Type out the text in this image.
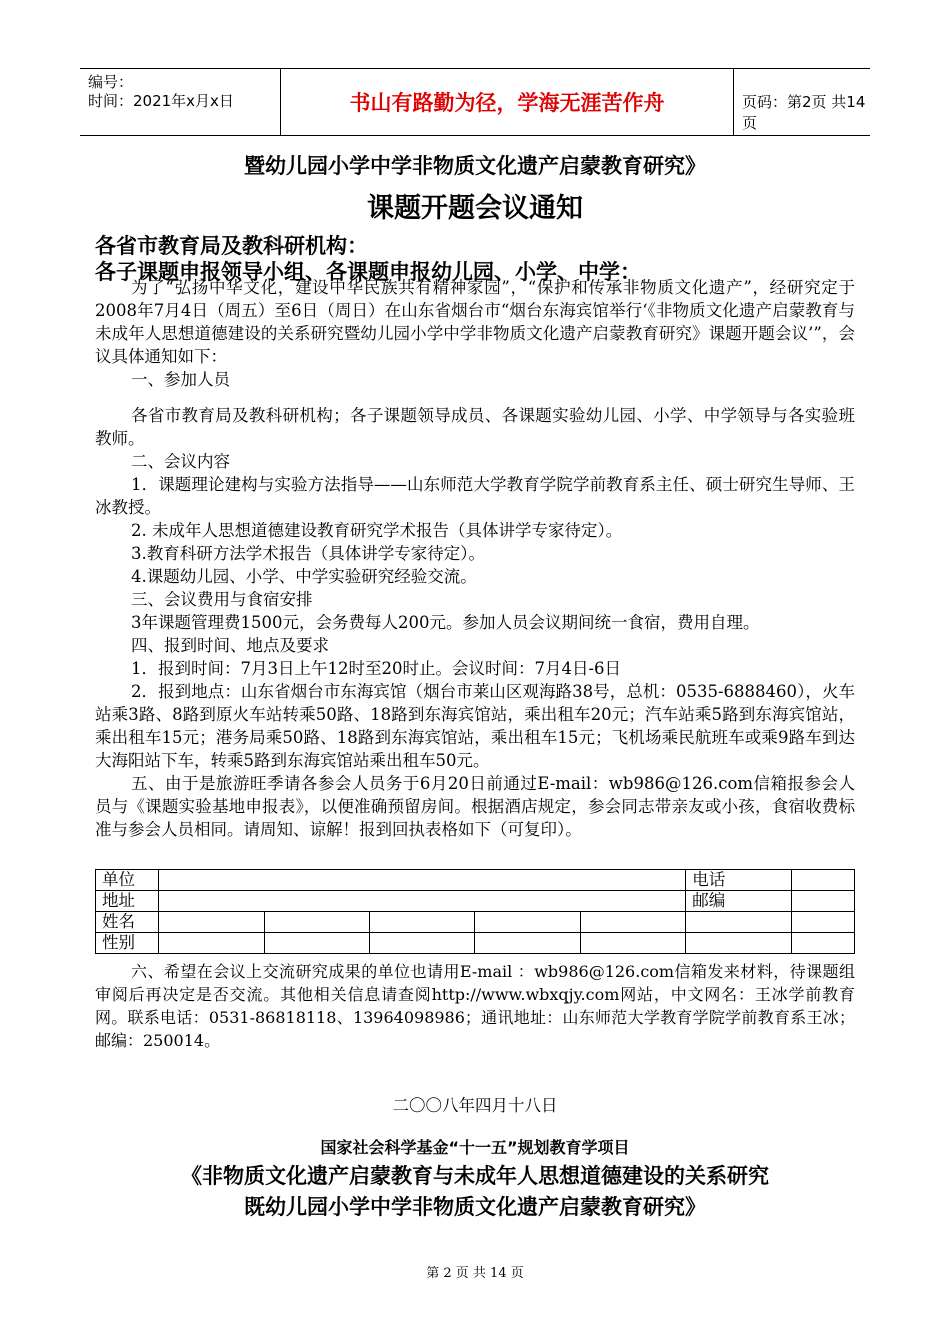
编号：
时间：2021年x月x日	书山有路勤为径，学海无涯苦作舟	页码：第2页 共14页
暨幼儿园小学中学非物质文化遗产启蒙教育研究》
课题开题会议通知
各省市教育局及教科研机构：
各子课题申报领导小组、各课题申报幼儿园、小学、中学：

为了“弘扬中华文化，建设中华民族共有精神家园”，“保护和传承非物质文化遗产”，经研究定于2008年7月4日（周五）至6日（周日）在山东省烟台市“烟台东海宾馆举行‘《非物质文化遗产启蒙教育与未成年人思想道德建设的关系研究暨幼儿园小学中学非物质文化遗产启蒙教育研究》课题开题会议’”，会议具体通知如下：

一、参加人员

各省市教育局及教科研机构；各子课题领导成员、各课题实验幼儿园、小学、中学领导与各实验班教师。

二、会议内容

1．课题理论建构与实验方法指导——山东师范大学教育学院学前教育系主任、硕士研究生导师、王冰教授。

2. 未成年人思想道德建设教育研究学术报告（具体讲学专家待定）。

3.教育科研方法学术报告（具体讲学专家待定）。

4.课题幼儿园、小学、中学实验研究经验交流。

三、会议费用与食宿安排

3年课题管理费1500元，会务费每人200元。参加人员会议期间统一食宿，费用自理。

四、报到时间、地点及要求

1．报到时间：7月3日上午12时至20时止。会议时间：7月4日-6日

2．报到地点：山东省烟台市东海宾馆（烟台市莱山区观海路38号，总机：0535-6888460），火车站乘3路、8路到原火车站转乘50路、18路到东海宾馆站，乘出租车20元；汽车站乘5路到东海宾馆站，乘出租车15元；港务局乘50路、18路到东海宾馆站，乘出租车15元；飞机场乘民航班车或乘9路车到达大海阳站下车，转乘5路到东海宾馆站乘出租车50元。

五、由于是旅游旺季请各参会人员务于6月20日前通过E-mail：wb986@126.com信箱报参会人员与《课题实验基地申报表》，以便准确预留房间。根据酒店规定，参会同志带亲友或小孩，食宿收费标准与参会人员相同。请周知、谅解！报到回执表格如下（可复印）。

单位						电话	
地址						邮编	
姓名							
性别							

六、希望在会议上交流研究成果的单位也请用E-mail ：wb986@126.com信箱发来材料，待课题组审阅后再决定是否交流。其他相关信息请查阅http://www.wbxqjy.com网站，中文网名：王冰学前教育网。联系电话：0531-86818118、13964098986；通讯地址：山东师范大学教育学院学前教育系王冰；邮编：250014。

二〇〇八年四月十八日
国家社会科学基金“十一五”规划教育学项目
《非物质文化遗产启蒙教育与未成年人思想道德建设的关系研究
既幼儿园小学中学非物质文化遗产启蒙教育研究》
第 2 页 共 14 页
